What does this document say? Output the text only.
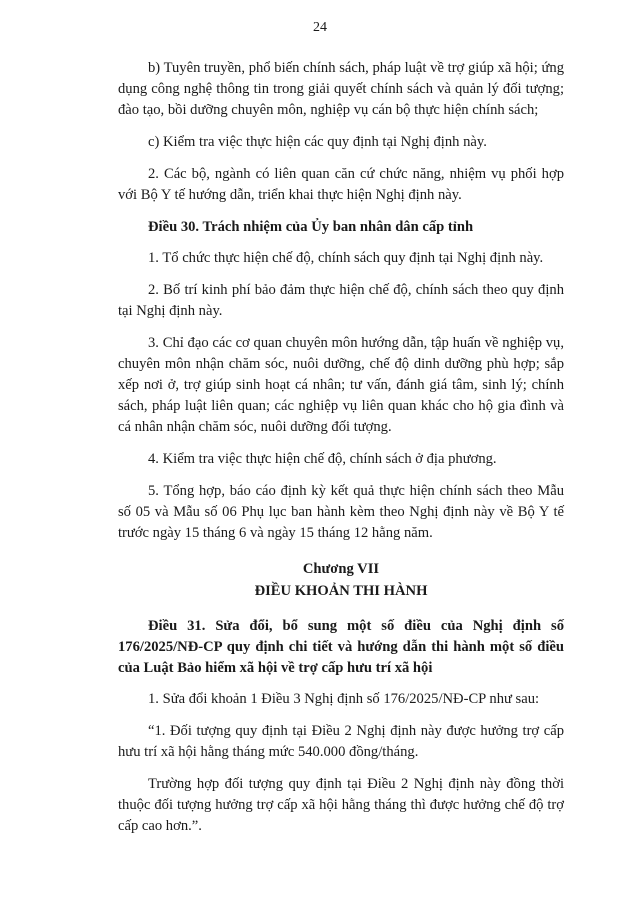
24

b) Tuyên truyền, phổ biến chính sách, pháp luật về trợ giúp xã hội; ứng dụng công nghệ thông tin trong giải quyết chính sách và quản lý đối tượng; đào tạo, bồi dưỡng chuyên môn, nghiệp vụ cán bộ thực hiện chính sách;

c) Kiểm tra việc thực hiện các quy định tại Nghị định này.

2. Các bộ, ngành có liên quan căn cứ chức năng, nhiệm vụ phối hợp với Bộ Y tế hướng dẫn, triển khai thực hiện Nghị định này.

Điều 30. Trách nhiệm của Ủy ban nhân dân cấp tỉnh

1. Tổ chức thực hiện chế độ, chính sách quy định tại Nghị định này.

2. Bố trí kinh phí bảo đảm thực hiện chế độ, chính sách theo quy định tại Nghị định này.

3. Chỉ đạo các cơ quan chuyên môn hướng dẫn, tập huấn về nghiệp vụ, chuyên môn nhận chăm sóc, nuôi dưỡng, chế độ dinh dưỡng phù hợp; sắp xếp nơi ở, trợ giúp sinh hoạt cá nhân; tư vấn, đánh giá tâm, sinh lý; chính sách, pháp luật liên quan; các nghiệp vụ liên quan khác cho hộ gia đình và cá nhân nhận chăm sóc, nuôi dưỡng đối tượng.

4. Kiểm tra việc thực hiện chế độ, chính sách ở địa phương.

5. Tổng hợp, báo cáo định kỳ kết quả thực hiện chính sách theo Mẫu số 05 và Mẫu số 06 Phụ lục ban hành kèm theo Nghị định này về Bộ Y tế trước ngày 15 tháng 6 và ngày 15 tháng 12 hằng năm.

Chương VII
ĐIỀU KHOẢN THI HÀNH

Điều 31. Sửa đổi, bổ sung một số điều của Nghị định số 176/2025/NĐ-CP quy định chi tiết và hướng dẫn thi hành một số điều của Luật Bảo hiểm xã hội về trợ cấp hưu trí xã hội

1. Sửa đổi khoản 1 Điều 3 Nghị định số 176/2025/NĐ-CP như sau:

“1. Đối tượng quy định tại Điều 2 Nghị định này được hưởng trợ cấp hưu trí xã hội hằng tháng mức 540.000 đồng/tháng.

Trường hợp đối tượng quy định tại Điều 2 Nghị định này đồng thời thuộc đối tượng hưởng trợ cấp xã hội hằng tháng thì được hưởng chế độ trợ cấp cao hơn.”.
